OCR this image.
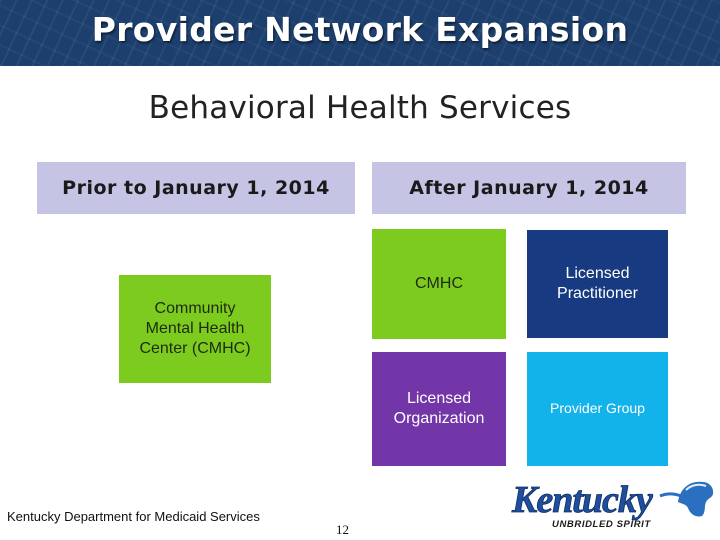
Provider Network Expansion
Behavioral Health Services
Prior to January 1, 2014	After January 1, 2014
Community
Mental Health
Center (CMHC)
CMHC
Licensed
Practitioner
Licensed
Organization
Provider Group
Kentucky Department for Medicaid Services
12
Kentucky
UNBRIDLED SPIRIT
